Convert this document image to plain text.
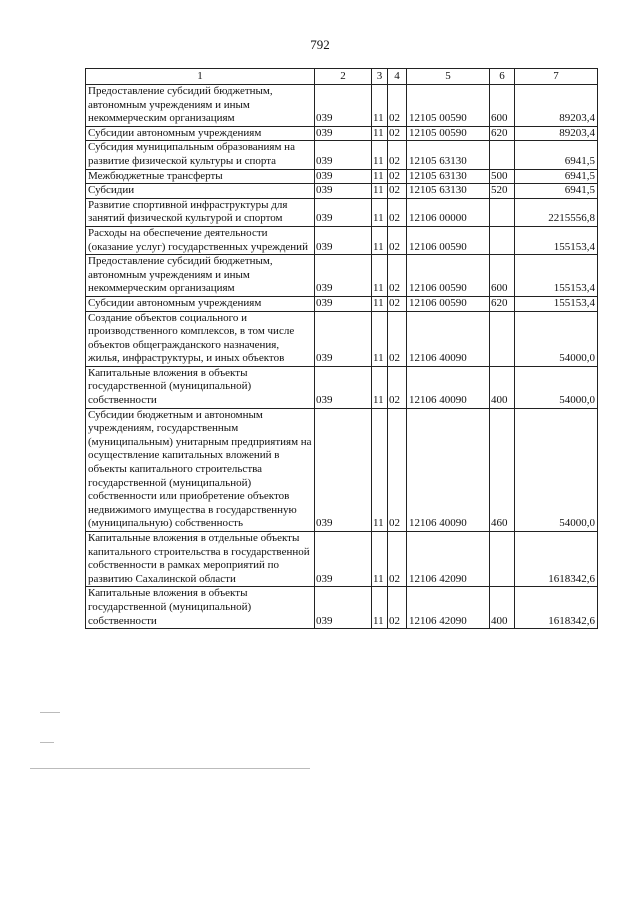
792
1	2	3	4	5	6	7
Предоставление субсидий бюджетным, автономным учреждениям и иным некоммерческим организациям	039	11	02	12105 00590	600	89203,4
Субсидии автономным учреждениям	039	11	02	12105 00590	620	89203,4
Субсидия муниципальным образованиям на развитие физической культуры и спорта	039	11	02	12105 63130		6941,5
Межбюджетные трансферты	039	11	02	12105 63130	500	6941,5
Субсидии	039	11	02	12105 63130	520	6941,5
Развитие спортивной инфраструктуры для занятий физической культурой и спортом	039	11	02	12106 00000		2215556,8
Расходы на обеспечение деятельности (оказание услуг) государственных учреждений	039	11	02	12106 00590		155153,4
Предоставление субсидий бюджетным, автономным учреждениям и иным некоммерческим организациям	039	11	02	12106 00590	600	155153,4
Субсидии автономным учреждениям	039	11	02	12106 00590	620	155153,4
Создание объектов социального и производственного комплексов, в том числе объектов общегражданского назначения, жилья, инфраструктуры, и иных объектов	039	11	02	12106 40090		54000,0
Капитальные вложения в объекты государственной (муниципальной) собственности	039	11	02	12106 40090	400	54000,0
Субсидии бюджетным и автономным учреждениям, государственным (муниципальным) унитарным предприятиям на осуществление капитальных вложений в объекты капитального строительства государственной (муниципальной) собственности или приобретение объектов недвижимого имущества в государственную (муниципальную) собственность	039	11	02	12106 40090	460	54000,0
Капитальные вложения в отдельные объекты капитального строительства в государственной собственности в рамках мероприятий по развитию Сахалинской области	039	11	02	12106 42090		1618342,6
Капитальные вложения в объекты государственной (муниципальной) собственности	039	11	02	12106 42090	400	1618342,6
